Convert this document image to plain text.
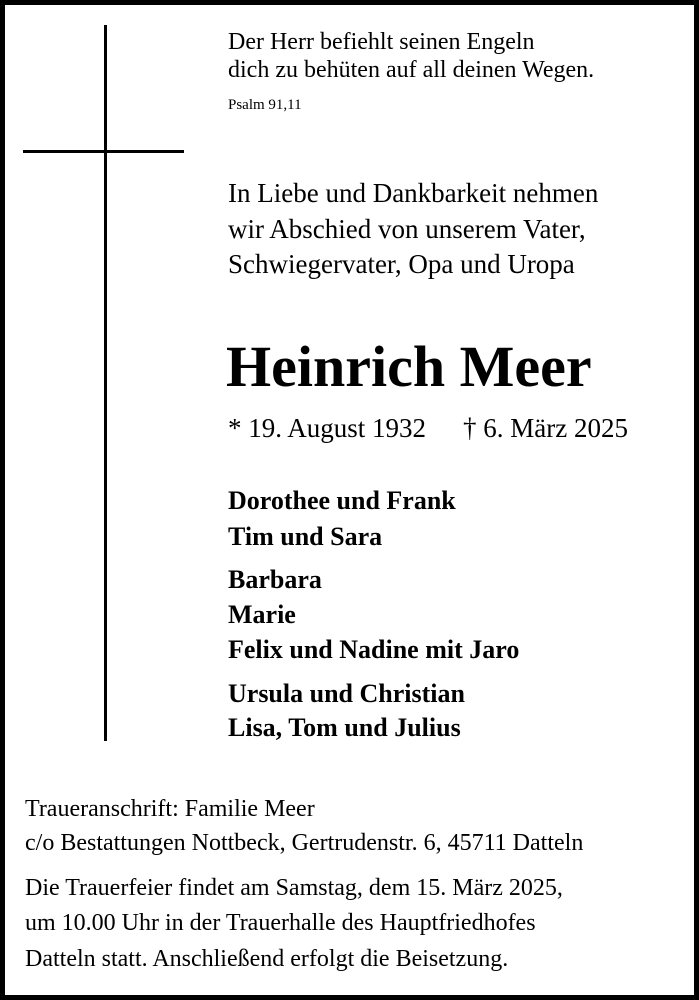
Der Herr befiehlt seinen Engeln
dich zu behüten auf all deinen Wegen.
Psalm 91,11
In Liebe und Dankbarkeit nehmen
wir Abschied von unserem Vater,
Schwiegervater, Opa und Uropa
Heinrich Meer
* 19. August 1932 † 6. März 2025
Dorothee und Frank
Tim und Sara
Barbara
Marie
Felix und Nadine mit Jaro
Ursula und Christian
Lisa, Tom und Julius
Traueranschrift: Familie Meer
c/o Bestattungen Nottbeck, Gertrudenstr. 6, 45711 Datteln
Die Trauerfeier findet am Samstag, dem 15. März 2025,
um 10.00 Uhr in der Trauerhalle des Hauptfriedhofes
Datteln statt. Anschließend erfolgt die Beisetzung.
